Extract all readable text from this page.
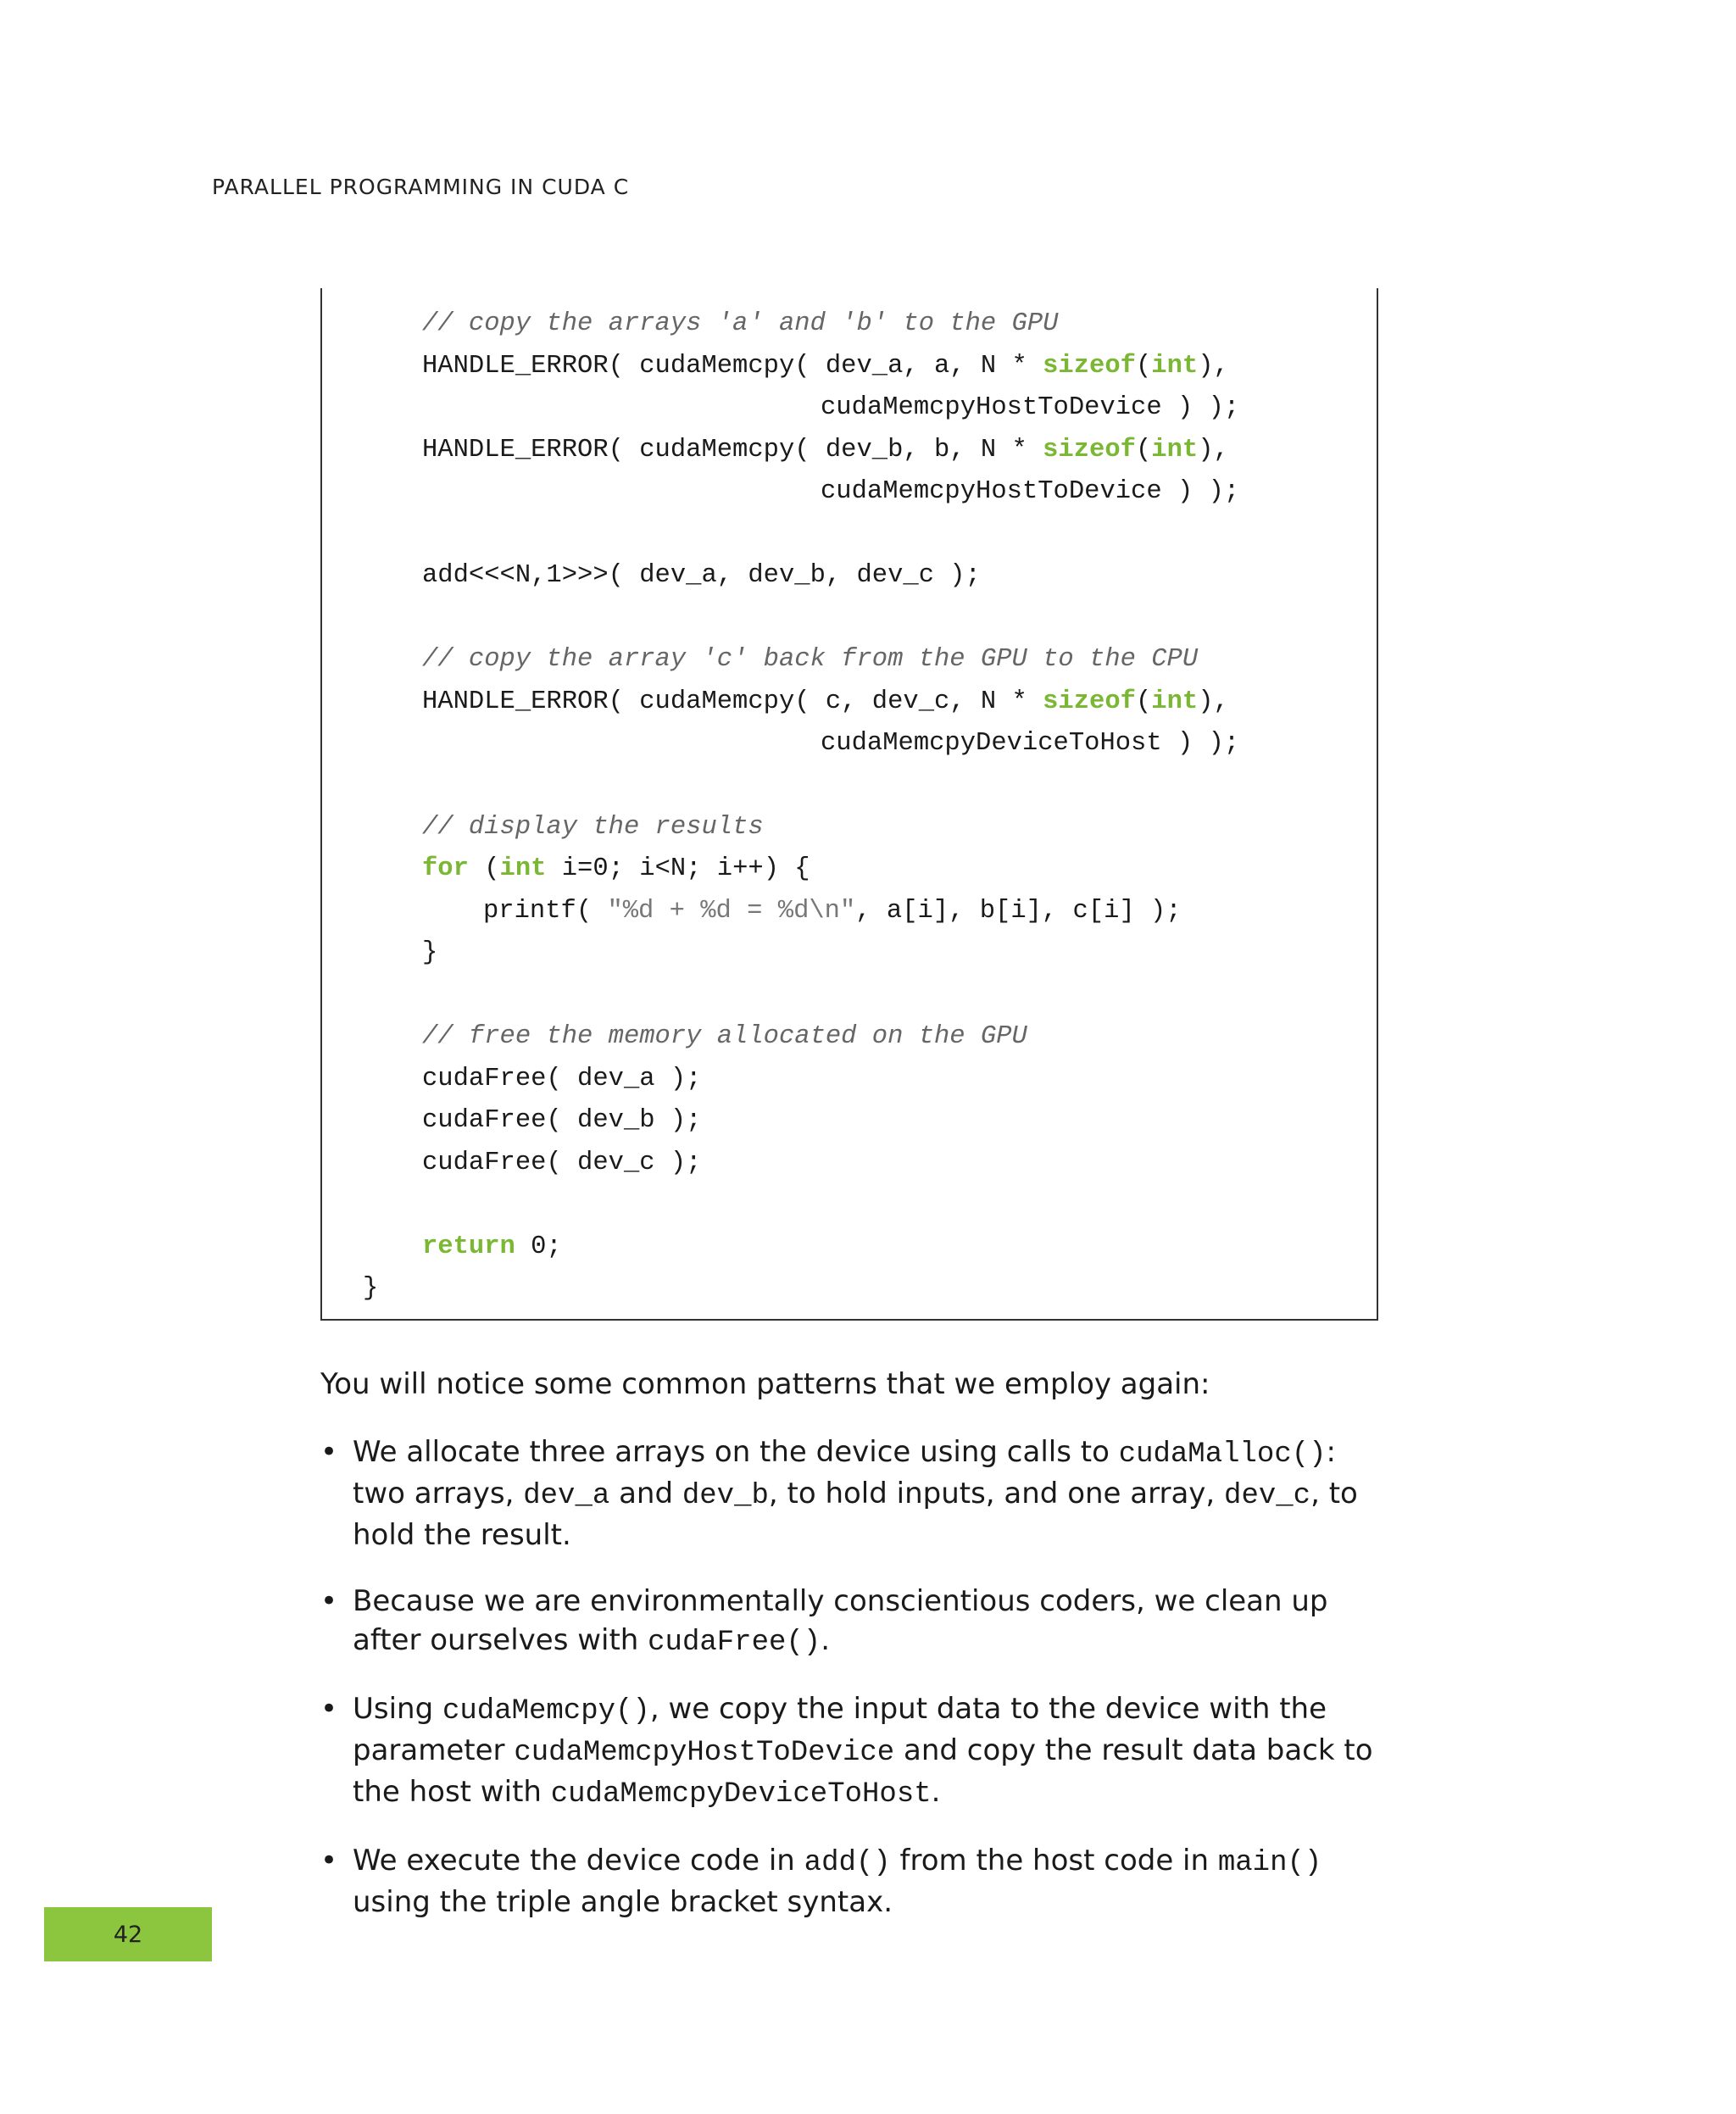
PARALLEL PROGRAMMING IN CUDA C
// copy the arrays 'a' and 'b' to the GPU
HANDLE_ERROR( cudaMemcpy( dev_a, a, N * sizeof(int),
cudaMemcpyHostToDevice ) );
HANDLE_ERROR( cudaMemcpy( dev_b, b, N * sizeof(int),
cudaMemcpyHostToDevice ) );
add<<<N,1>>>( dev_a, dev_b, dev_c );
// copy the array 'c' back from the GPU to the CPU
HANDLE_ERROR( cudaMemcpy( c, dev_c, N * sizeof(int),
cudaMemcpyDeviceToHost ) );
// display the results
for (int i=0; i<N; i++) {
printf( "%d + %d = %d\n", a[i], b[i], c[i] );
}
// free the memory allocated on the GPU
cudaFree( dev_a );
cudaFree( dev_b );
cudaFree( dev_c );
return 0;
}

You will notice some common patterns that we employ again:

• We allocate three arrays on the device using calls to cudaMalloc(): two arrays, dev_a and dev_b, to hold inputs, and one array, dev_c, to hold the result.
• Because we are environmentally conscientious coders, we clean up after ourselves with cudaFree().
• Using cudaMemcpy(), we copy the input data to the device with the parameter cudaMemcpyHostToDevice and copy the result data back to the host with cudaMemcpyDeviceToHost.
• We execute the device code in add() from the host code in main() using the triple angle bracket syntax.
42
